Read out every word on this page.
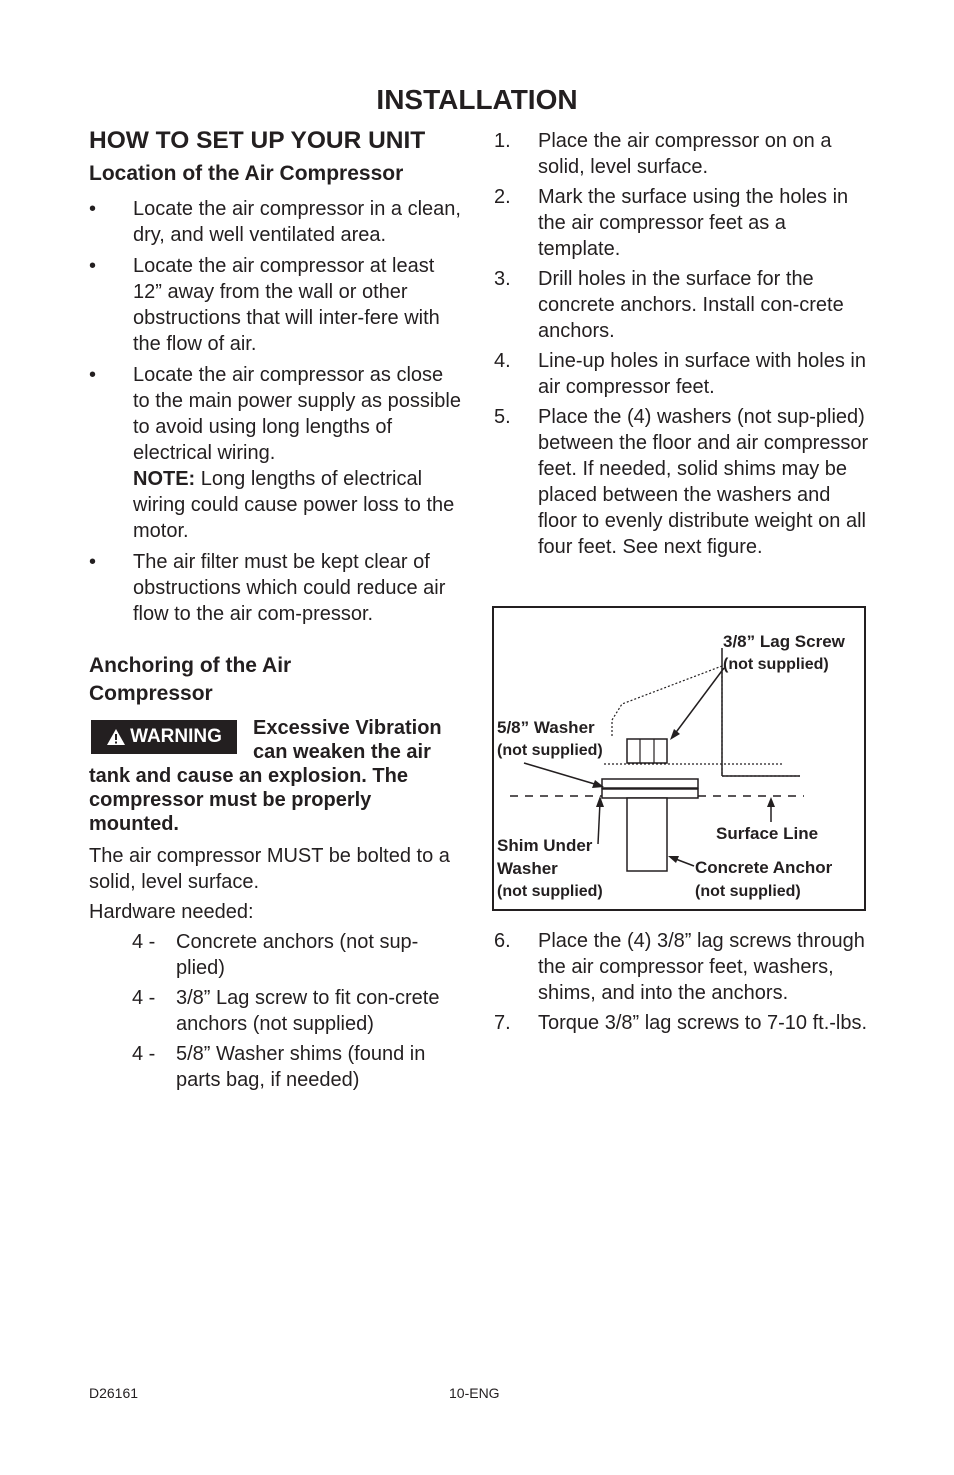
INSTALLATION
HOW TO SET UP YOUR UNIT
Location of the Air Compressor
• Locate the air compressor in a clean, dry, and well ventilated area.
• Locate the air compressor at least 12” away from the wall or other obstructions that will inter-fere with the flow of air.
• Locate the air compressor as close to the main power supply as possible to avoid using long lengths of electrical wiring.
NOTE: Long lengths of electrical wiring could cause power loss to the motor.
• The air filter must be kept clear of obstructions which could reduce air flow to the air com-pressor.
Anchoring of the Air Compressor
WARNING	Excessive Vibration can weaken the air tank and cause an explosion. The compressor must be properly mounted.

The air compressor MUST be bolted to a solid, level surface.

Hardware needed:

4 - Concrete anchors (not sup-plied)
4 - 3/8” Lag screw to fit con-crete anchors (not supplied)
4 - 5/8” Washer shims (found in parts bag, if needed)
1. Place the air compressor on on a solid, level surface.
2. Mark the surface using the holes in the air compressor feet as a template.
3. Drill holes in the surface for the concrete anchors. Install con-crete anchors.
4. Line-up holes in surface with holes in air compressor feet.
5. Place the (4) washers (not sup-plied) between the floor and air compressor feet. If needed, solid shims may be placed between the washers and floor to evenly distribute weight on all four feet. See next figure.
3/8” Lag Screw
(not supplied)
5/8” Washer
(not supplied)
Surface Line
Shim Under
Washer
(not supplied)
Concrete Anchor
(not supplied)
6. Place the (4) 3/8” lag screws through the air compressor feet, washers, shims, and into the anchors.
7. Torque 3/8” lag screws to 7-10 ft.-lbs.
D26161	10-ENG
